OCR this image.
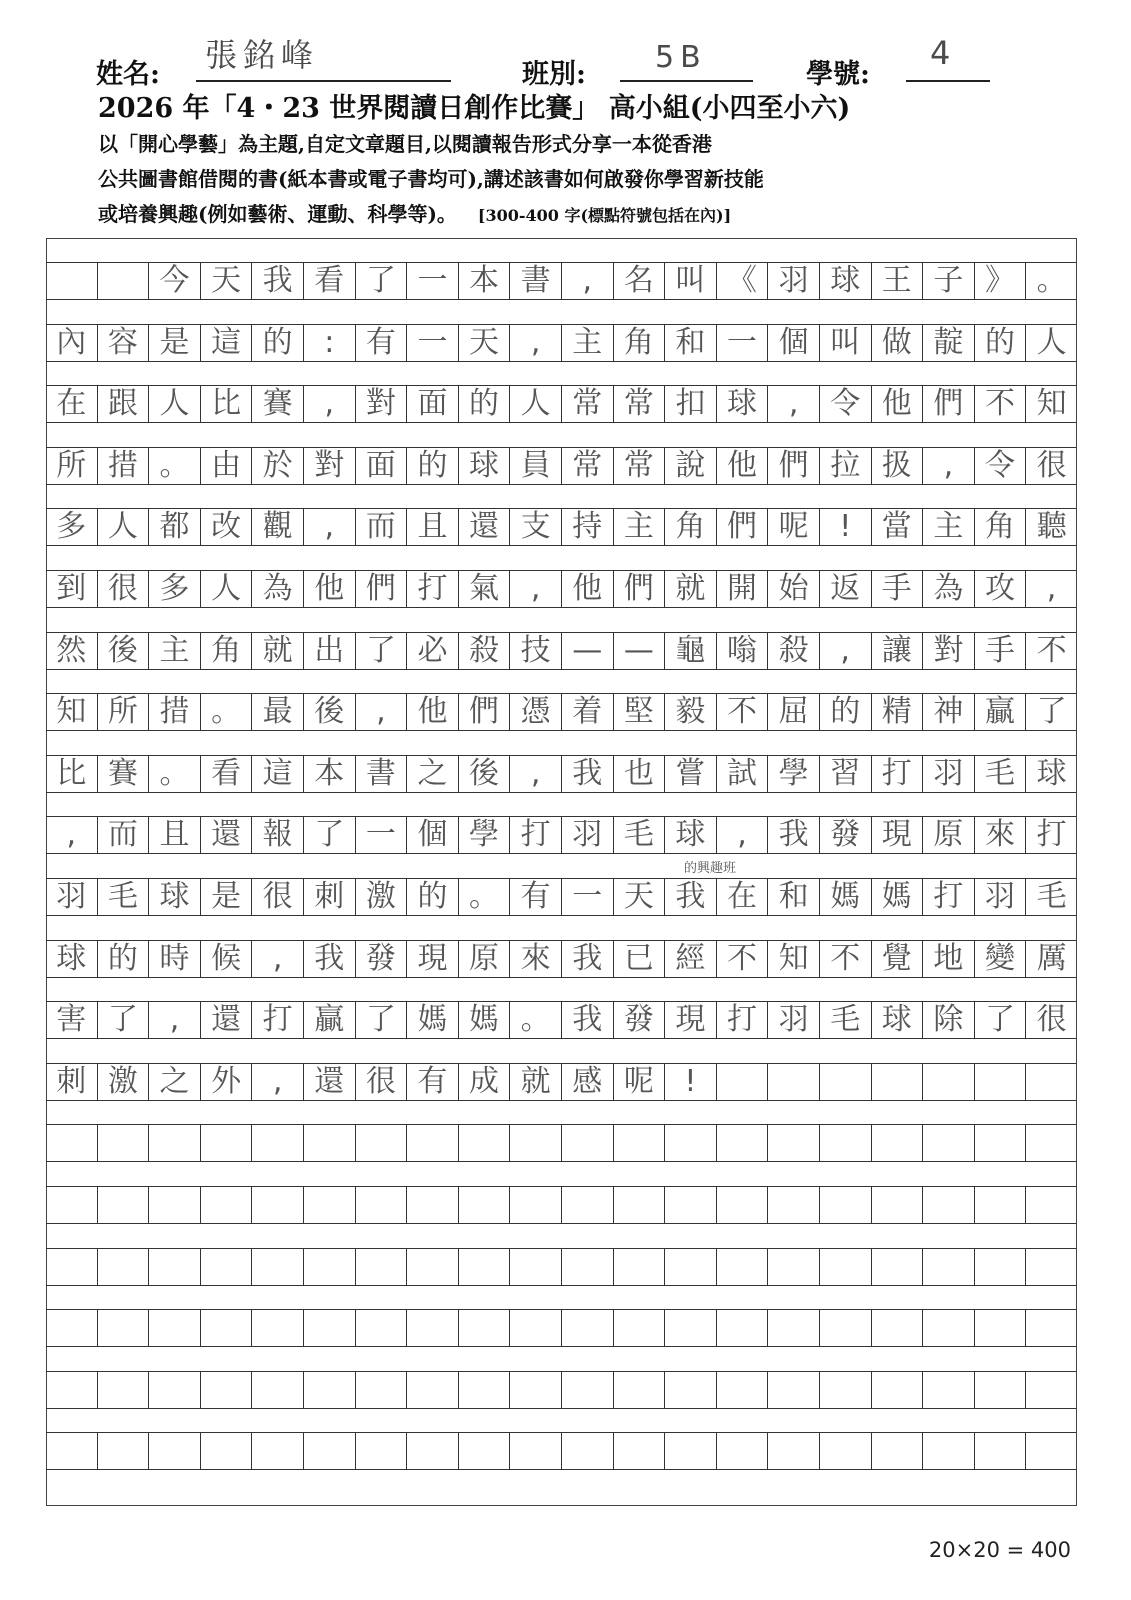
姓名:
張銘峰
班別: 5B	學號:
4
2026 年「4・23 世界閱讀日創作比賽」 高小組(小四至小六)
以「開心學藝」為主題,自定文章題目,以閱讀報告形式分享一本從香港
公共圖書館借閱的書(紙本書或電子書均可),講述該書如何啟發你學習新技能
或培養興趣(例如藝術、運動、科學等)。 [300-400 字(標點符號包括在內)]
今 天 我 看 了 一 本 書	,	名 叫 《 羽 球 王 子 》 。
內 容 是 這 的	:	有 一 天	,	主 角 和 一 個 叫 做 靛 的 人
在 跟 人 比 賽	,	對 面 的 人 常 常 扣 球	,	令 他 們 不 知
所 措 。 由 於 對 面 的 球 員 常 常 說 他 們 拉 扱	,	令 很
多 人 都 改 觀	,	而 且 還 支 持 主 角 們 呢	!	當 主 角 聽
到 很 多 人 為 他 們 打 氣	,	他 們 就 開 始 返 手 為 攻	,
然 後 主 角 就 出 了 必 殺 技 — — 龜 嗡 殺	,	讓 對 手 不
知 所 措 。 最 後	,	他 們 憑 着 堅 毅 不 屈 的 精 神 贏 了
比 賽 。 看 這 本 書 之 後	,	我 也 嘗 試 學 習 打 羽 毛 球
,	而 且 還 報 了 一 個 學 打 羽 毛 球	,	我 發 現 原 來 打
羽 毛 球 是 很 刺 激 的 。 有 一 天 我 在 和 媽 媽 打 羽 毛
球 的 時 候	,	我 發 現 原 來 我 已 經 不 知 不 覺 地 變 厲
害 了	,	還 打 贏 了 媽 媽 。 我 發 現 打 羽 毛 球 除 了 很
刺 激 之 外	,	還 很 有 成 就 感 呢	!
的興趣班
20×20 = 400
